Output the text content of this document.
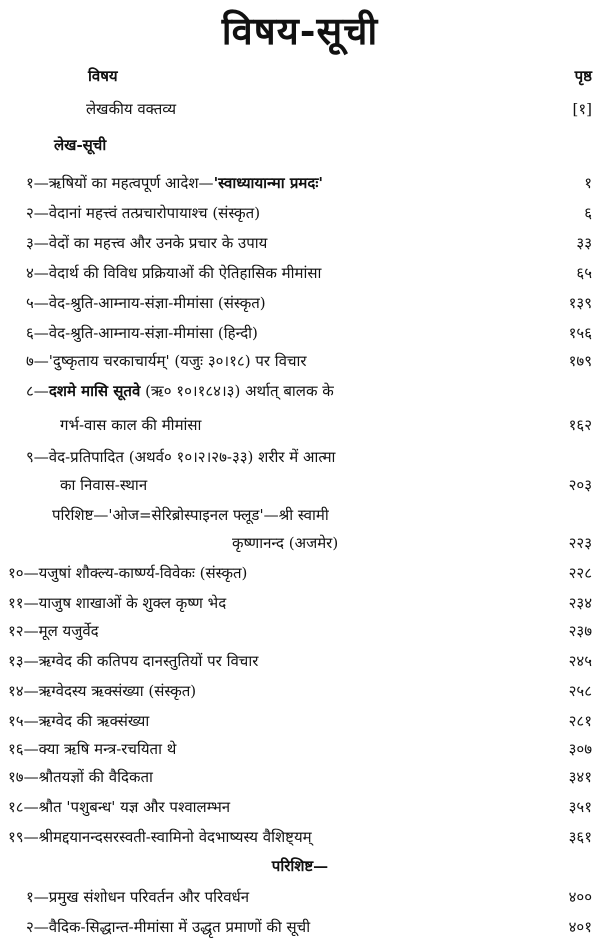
विषय-सूची
विषय	पृष्ठ
लेखकीय वक्तव्य	[१]
लेख-सूची
१—ऋषियों का महत्वपूर्ण आदेश—'स्वाध्यायान्मा प्रमदः'	१
२—वेदानां महत्त्वं तत्प्रचारोपायाश्च (संस्कृत)	६
३—वेदों का महत्त्व और उनके प्रचार के उपाय	३३
४—वेदार्थ की विविध प्रक्रियाओं की ऐतिहासिक मीमांसा	६५
५—वेद-श्रुति-आम्नाय-संज्ञा-मीमांसा (संस्कृत)	१३९
६—वेद-श्रुति-आम्नाय-संज्ञा-मीमांसा (हिन्दी)	१५६
७—'दुष्कृताय चरकाचार्यम्' (यजुः ३०।१८) पर विचार	१७९
८—दशमे मासि सूतवे (ऋ० १०।१८४।३) अर्थात् बालक के
गर्भ-वास काल की मीमांसा	१६२
९—वेद-प्रतिपादित (अथर्व० १०।२।२७-३३) शरीर में आत्मा
का निवास-स्थान	२०३
परिशिष्ट—'ओज=सेरिब्रोस्पाइनल फ्लूड'—श्री स्वामी
कृष्णानन्द (अजमेर)	२२३
१०—यजुषां शौक्ल्य-कार्ष्ण्य-विवेकः (संस्कृत)	२२८
११—याजुष शाखाओं के शुक्ल कृष्ण भेद	२३४
१२—मूल यजुर्वेद	२३७
१३—ऋग्वेद की कतिपय दानस्तुतियों पर विचार	२४५
१४—ऋग्वेदस्य ऋक्संख्या (संस्कृत)	२५८
१५—ऋग्वेद की ऋक्संख्या	२८१
१६—क्या ऋषि मन्त्र-रचयिता थे	३०७
१७—श्रौतयज्ञों की वैदिकता	३४१
१८—श्रौत 'पशुबन्ध' यज्ञ और पश्वालम्भन	३५१
१९—श्रीमद्दयानन्दसरस्वती-स्वामिनो वेदभाष्यस्य वैशिष्ट्यम्	३६१
परिशिष्ट—
१—प्रमुख संशोधन परिवर्तन और परिवर्धन	४००
२—वैदिक-सिद्धान्त-मीमांसा में उद्धृत प्रमाणों की सूची	४०१
